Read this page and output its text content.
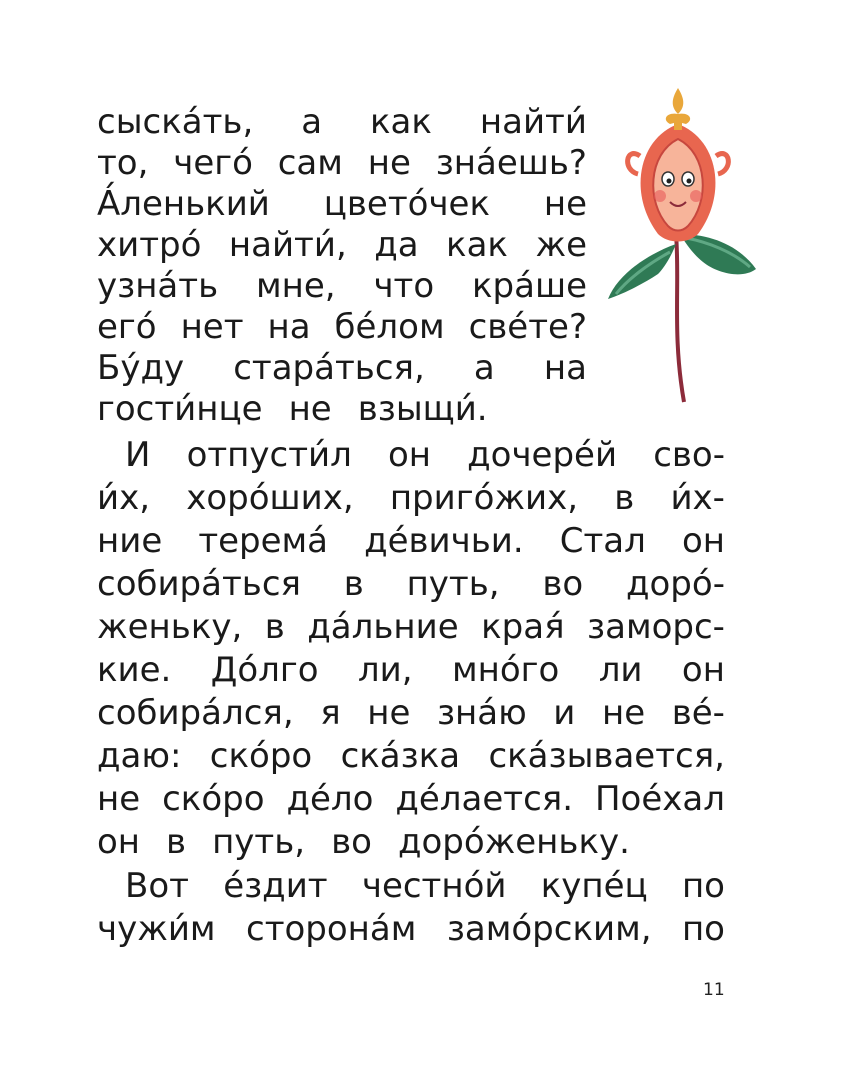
сыска́ть, а как найти́
то, чего́ сам не зна́ешь?
А́ленький цвето́чек не
хитро́ найти́, да как же
узна́ть мне, что кра́ше
его́ нет на бе́лом све́те?
Бу́ду стара́ться, а на
гости́нце не взыщи́.
И отпусти́л он дочере́й сво-
и́х, хоро́ших, приго́жих, в и́х-
ние терема́ де́вичьи. Стал он
собира́ться в путь, во доро́-
женьку, в да́льние края́ заморс-
кие. До́лго ли, мно́го ли он
собира́лся, я не зна́ю и не ве́-
даю: ско́ро ска́зка ска́зывается,
не ско́ро де́ло де́лается. Пое́хал
он в путь, во доро́женьку.
Вот е́здит честно́й купе́ц по
чужи́м сторона́м замо́рским, по
11
